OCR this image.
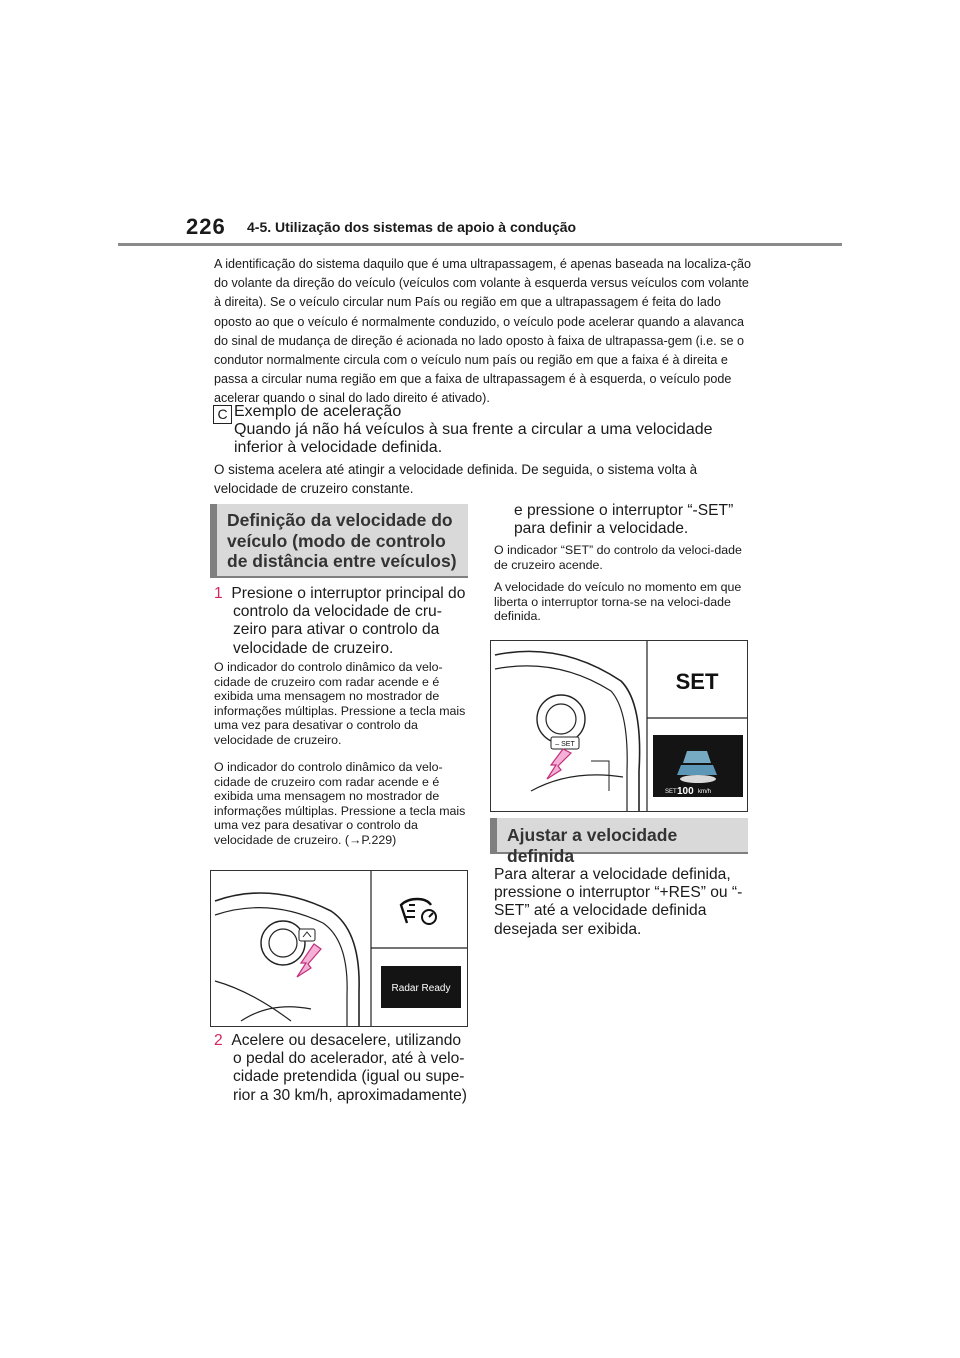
226 4-5. Utilização dos sistemas de apoio à condução

A identificação do sistema daquilo que é uma ultrapassagem, é apenas baseada na localiza-ção do volante da direção do veículo (veículos com volante à esquerda versus veículos com volante à direita). Se o veículo circular num País ou região em que a ultrapassagem é feita do lado oposto ao que o veículo é normalmente conduzido, o veículo pode acelerar quando a alavanca do sinal de mudança de direção é acionada no lado oposto à faixa de ultrapassa-gem (i.e. se o condutor normalmente circula com o veículo num país ou região em que a faixa é à direita e passa a circular numa região em que a faixa de ultrapassagem é à esquerda, o veículo pode acelerar quando o sinal do lado direito é ativado).

C Exemplo de aceleração
Quando já não há veículos à sua frente a circular a uma velocidade inferior à velocidade definida.
O sistema acelera até atingir a velocidade definida. De seguida, o sistema volta à velocidade de cruzeiro constante.
Definição da velocidade do veículo (modo de controlo de distância entre veículos)
1 Presione o interruptor principal do controlo da velocidade de cru-zeiro para ativar o controlo da velocidade de cruzeiro.
O indicador do controlo dinâmico da velo-cidade de cruzeiro com radar acende e é exibida uma mensagem no mostrador de informações múltiplas. Pressione a tecla mais uma vez para desativar o controlo da velocidade de cruzeiro.
O indicador do controlo dinâmico da velo-cidade de cruzeiro com radar acende e é exibida uma mensagem no mostrador de informações múltiplas. Pressione a tecla mais uma vez para desativar o controlo da velocidade de cruzeiro. (→P.229)
Radar Ready
2 Acelere ou desacelere, utilizando o pedal do acelerador, até à velo-cidade pretendida (igual ou supe-rior a 30 km/h, aproximadamente)
e pressione o interruptor “-SET” para definir a velocidade.
O indicador “SET” do controlo da veloci-dade de cruzeiro acende.
A velocidade do veículo no momento em que liberta o interruptor torna-se na veloci-dade definida.
– SET
SET
SET 100 km/h
Ajustar a velocidade definida
Para alterar a velocidade definida, pressione o interruptor “+RES” ou “-SET” até a velocidade definida desejada ser exibida.
